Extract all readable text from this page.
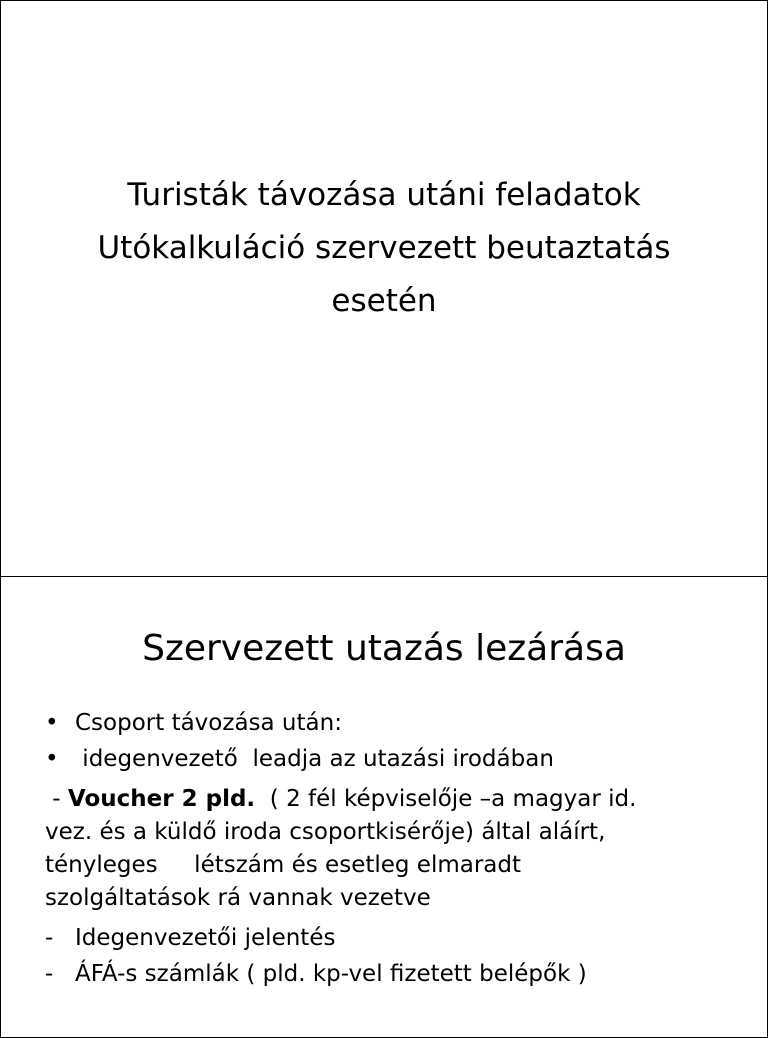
Turisták távozása utáni feladatok
Utókalkuláció szervezett beutaztatás
esetén
Szervezett utazás lezárása
• Csoport távozása után:
• idegenvezető  leadja az utazási irodában
- Voucher 2 pld.  ( 2 fél képviselője –a magyar id.
vez. és a küldő iroda csoportkisérője) által aláírt,
tényleges     létszám és esetleg elmaradt
szolgáltatások rá vannak vezetve
- Idegenvezetői jelentés
- ÁFÁ-s számlák ( pld. kp-vel fizetett belépők )
